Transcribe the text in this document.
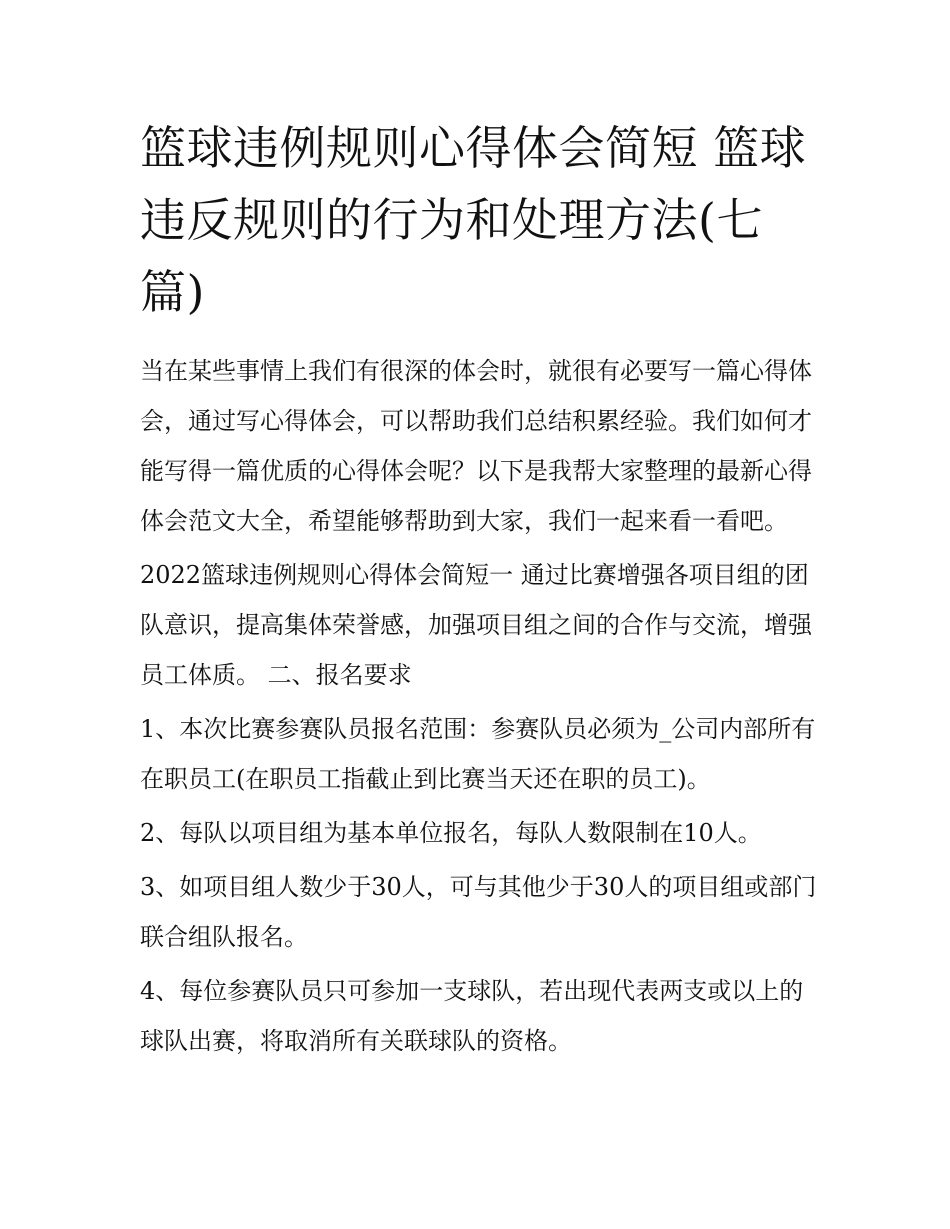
篮球违例规则心得体会简短 篮球违反规则的行为和处理方法(七篇)

当在某些事情上我们有很深的体会时，就很有必要写一篇心得体会，通过写心得体会，可以帮助我们总结积累经验。我们如何才能写得一篇优质的心得体会呢？以下是我帮大家整理的最新心得体会范文大全，希望能够帮助到大家，我们一起来看一看吧。

2022篮球违例规则心得体会简短一 通过比赛增强各项目组的团队意识，提高集体荣誉感，加强项目组之间的合作与交流，增强员工体质。 二、报名要求

1、本次比赛参赛队员报名范围：参赛队员必须为_公司内部所有在职员工(在职员工指截止到比赛当天还在职的员工)。

2、每队以项目组为基本单位报名，每队人数限制在10人。

3、如项目组人数少于30人，可与其他少于30人的项目组或部门联合组队报名。

4、每位参赛队员只可参加一支球队，若出现代表两支或以上的球队出赛，将取消所有关联球队的资格。
